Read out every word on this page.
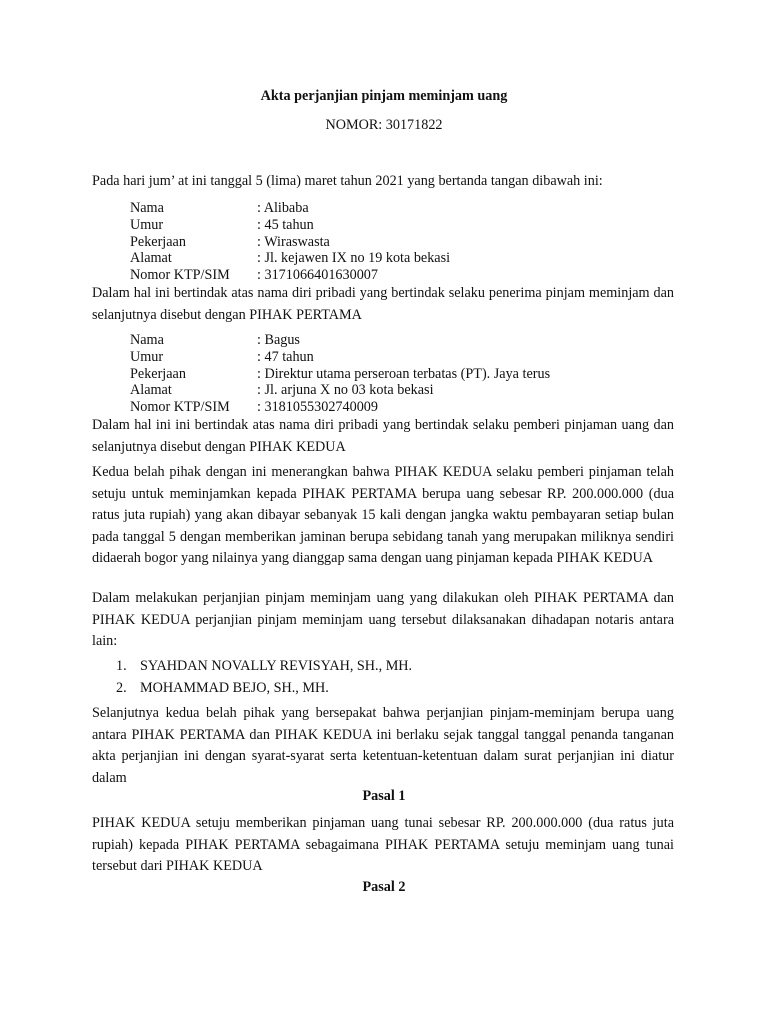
Akta perjanjian pinjam meminjam uang
NOMOR: 30171822
Pada hari jum’ at ini tanggal 5 (lima) maret tahun 2021 yang bertanda tangan dibawah ini:
Nama	: Alibaba
Umur	: 45 tahun
Pekerjaan	: Wiraswasta
Alamat	: Jl. kejawen IX no 19 kota bekasi
Nomor KTP/SIM	: 3171066401630007
Dalam hal ini bertindak atas nama diri pribadi yang bertindak selaku penerima pinjam meminjam dan selanjutnya disebut dengan PIHAK PERTAMA
Nama	: Bagus
Umur	: 47 tahun
Pekerjaan	: Direktur utama perseroan terbatas (PT). Jaya terus
Alamat	: Jl. arjuna X no 03 kota bekasi
Nomor KTP/SIM	: 3181055302740009
Dalam hal ini ini bertindak atas nama diri pribadi yang bertindak selaku pemberi pinjaman uang dan selanjutnya disebut dengan PIHAK KEDUA
Kedua belah pihak dengan ini menerangkan bahwa PIHAK KEDUA selaku pemberi pinjaman telah setuju untuk meminjamkan kepada PIHAK PERTAMA berupa uang sebesar RP. 200.000.000 (dua ratus juta rupiah) yang akan dibayar sebanyak 15 kali dengan jangka waktu pembayaran setiap bulan pada tanggal 5 dengan memberikan jaminan berupa sebidang tanah yang merupakan miliknya sendiri didaerah bogor yang nilainya yang dianggap sama dengan uang pinjaman kepada PIHAK KEDUA
Dalam melakukan perjanjian pinjam meminjam uang yang dilakukan oleh PIHAK PERTAMA dan PIHAK KEDUA perjanjian pinjam meminjam uang tersebut dilaksanakan dihadapan notaris antara lain:
1. SYAHDAN NOVALLY REVISYAH, SH., MH.
2. MOHAMMAD BEJO, SH., MH.
Selanjutnya kedua belah pihak yang bersepakat bahwa perjanjian pinjam-meminjam berupa uang antara PIHAK PERTAMA dan PIHAK KEDUA ini berlaku sejak tanggal tanggal penanda tanganan akta perjanjian ini dengan syarat-syarat serta ketentuan-ketentuan dalam surat perjanjian ini diatur dalam
Pasal 1
PIHAK KEDUA setuju memberikan pinjaman uang tunai sebesar RP. 200.000.000 (dua ratus juta rupiah) kepada PIHAK PERTAMA sebagaimana PIHAK PERTAMA setuju meminjam uang tunai tersebut dari PIHAK KEDUA
Pasal 2
